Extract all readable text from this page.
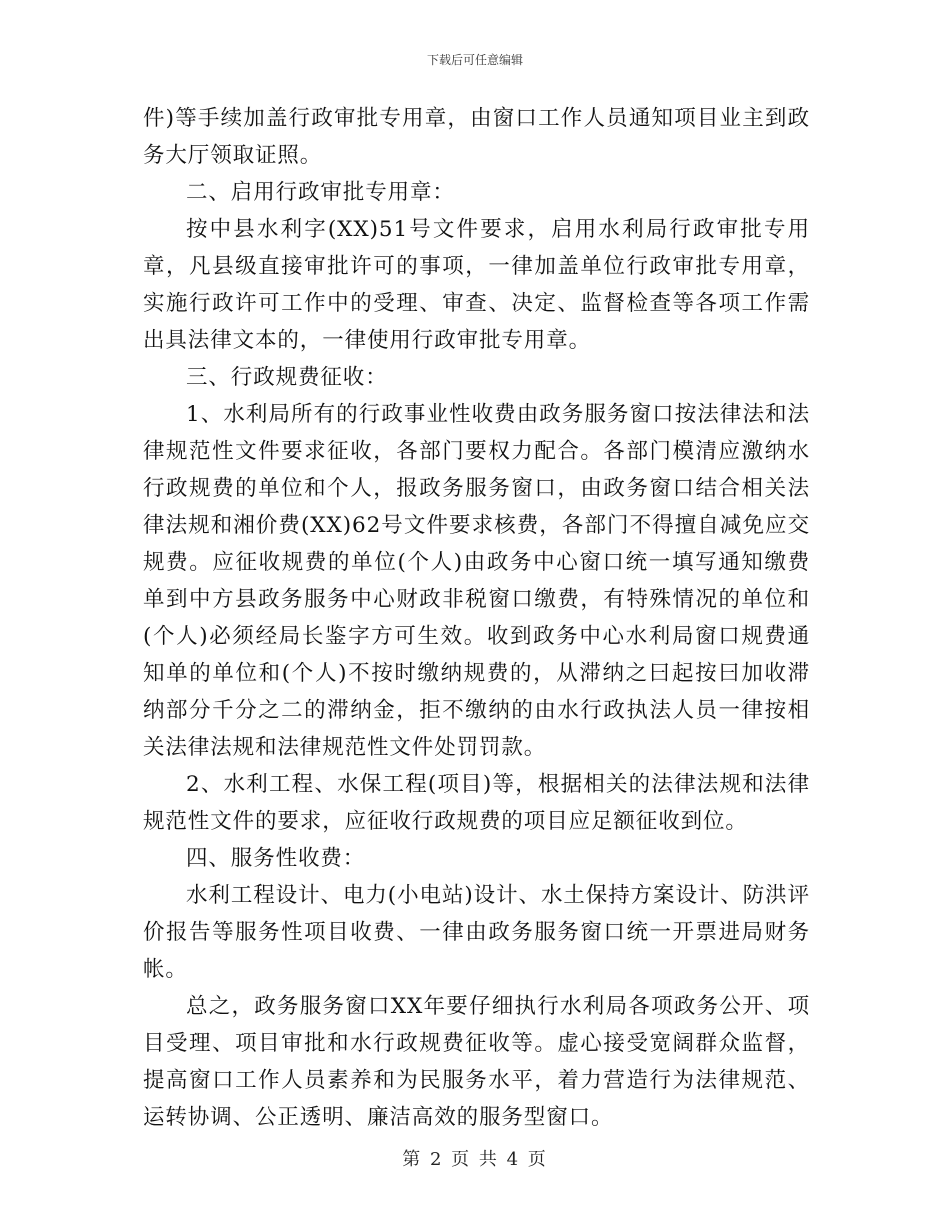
下载后可任意编辑

件)等手续加盖行政审批专用章，由窗口工作人员通知项目业主到政务大厅领取证照。

二、启用行政审批专用章：

按中县水利字(XX)51号文件要求，启用水利局行政审批专用章，凡县级直接审批许可的事项，一律加盖单位行政审批专用章，实施行政许可工作中的受理、审查、决定、监督检查等各项工作需出具法律文本的，一律使用行政审批专用章。

三、行政规费征收：

1、水利局所有的行政事业性收费由政务服务窗口按法律法和法律规范性文件要求征收，各部门要权力配合。各部门模清应激纳水行政规费的单位和个人，报政务服务窗口，由政务窗口结合相关法律法规和湘价费(XX)62号文件要求核费，各部门不得擅自减免应交规费。应征收规费的单位(个人)由政务中心窗口统一填写通知缴费单到中方县政务服务中心财政非税窗口缴费，有特殊情况的单位和(个人)必须经局长鉴字方可生效。收到政务中心水利局窗口规费通知单的单位和(个人)不按时缴纳规费的，从滞纳之曰起按曰加收滞纳部分千分之二的滞纳金，拒不缴纳的由水行政执法人员一律按相关法律法规和法律规范性文件处罚罚款。

2、水利工程、水保工程(项目)等，根据相关的法律法规和法律规范性文件的要求，应征收行政规费的项目应足额征收到位。

四、服务性收费：

水利工程设计、电力(小电站)设计、水土保持方案设计、防洪评价报告等服务性项目收费、一律由政务服务窗口统一开票进局财务帐。

总之，政务服务窗口XX年要仔细执行水利局各项政务公开、项目受理、项目审批和水行政规费征收等。虚心接受宽阔群众监督，提高窗口工作人员素养和为民服务水平，着力营造行为法律规范、运转协调、公正透明、廉洁高效的服务型窗口。

第 2 页 共 4 页
